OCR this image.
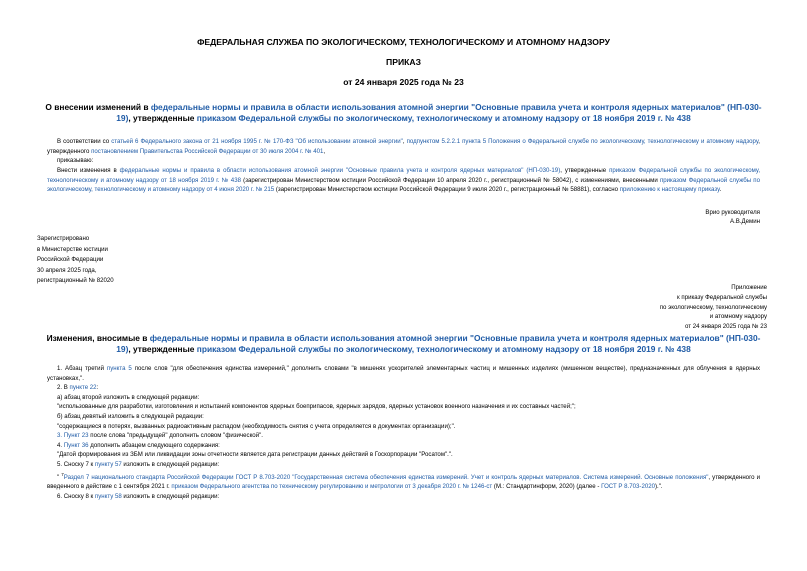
ФЕДЕРАЛЬНАЯ СЛУЖБА ПО ЭКОЛОГИЧЕСКОМУ, ТЕХНОЛОГИЧЕСКОМУ И АТОМНОМУ НАДЗОРУ
ПРИКАЗ
от 24 января 2025 года № 23
О внесении изменений в федеральные нормы и правила в области использования атомной энергии "Основные правила учета и контроля ядерных материалов" (НП-030-19), утвержденные приказом Федеральной службы по экологическому, технологическому и атомному надзору от 18 ноября 2019 г. № 438
В соответствии со статьей 6 Федерального закона от 21 ноября 1995 г. № 170-ФЗ "Об использовании атомной энергии", подпунктом 5.2.2.1 пункта 5 Положения о Федеральной службе по экологическому, технологическому и атомному надзору, утвержденного постановлением Правительства Российской Федерации от 30 июля 2004 г. № 401,
приказываю:
Внести изменения в федеральные нормы и правила в области использования атомной энергии "Основные правила учета и контроля ядерных материалов" (НП-030-19), утвержденные приказом Федеральной службы по экологическому, технологическому и атомному надзору от 18 ноября 2019 г. № 438 (зарегистрирован Министерством юстиции Российской Федерации 10 апреля 2020 г., регистрационный № 58042), с изменениями, внесенными приказом Федеральной службы по экологическому, технологическому и атомному надзору от 4 июня 2020 г. № 215 (зарегистрирован Министерством юстиции Российской Федерации 9 июля 2020 г., регистрационный № 58881), согласно приложению к настоящему приказу.
Врио руководителя
А.В.Демин
Зарегистрировано
в Министерстве юстиции
Российской Федерации
30 апреля 2025 года,
регистрационный № 82020
Приложение
к приказу Федеральной службы
по экологическому, технологическому
и атомному надзору
от 24 января 2025 года № 23
Изменения, вносимые в федеральные нормы и правила в области использования атомной энергии "Основные правила учета и контроля ядерных материалов" (НП-030-19), утвержденные приказом Федеральной службы по экологическому, технологическому и атомному надзору от 18 ноября 2019 г. № 438

1. Абзац третий пункта 5 после слов "для обеспечения единства измерений," дополнить словами "в мишенях ускорителей элементарных частиц и мишенных изделиях (мишенном веществе), предназначенных для облучения в ядерных установках,".

2. В пункте 22:

а) абзац второй изложить в следующей редакции:

"использованные для разработки, изготовления и испытаний компонентов ядерных боеприпасов, ядерных зарядов, ядерных установок военного назначения и их составных частей;";

б) абзац девятый изложить в следующей редакции:

"содержащиеся в потерях, вызванных радиоактивным распадом (необходимость снятия с учета определяется в документах организации);".

3. Пункт 23 после слова "предыдущей" дополнить словом "физической".

4. Пункт 36 дополнить абзацем следующего содержания:

"Датой формирования из ЗБМ или ликвидации зоны отчетности является дата регистрации данных действий в Госкорпорации "Росатом".".

5. Сноску 7 к пункту 57 изложить в следующей редакции:

" $^7$Раздел 7 национального стандарта Российской Федерации ГОСТ Р 8.703-2020 "Государственная система обеспечения единства измерений. Учет и контроль ядерных материалов. Система измерений. Основные положения", утвержденного и введенного в действие с 1 сентября 2021 г. приказом Федерального агентства по техническому регулированию и метрологии от 3 декабря 2020 г. № 1246-ст (М.: Стандартинформ, 2020) (далее - ГОСТ Р 8.703-2020).".

6. Сноску 8 к пункту 58 изложить в следующей редакции:
